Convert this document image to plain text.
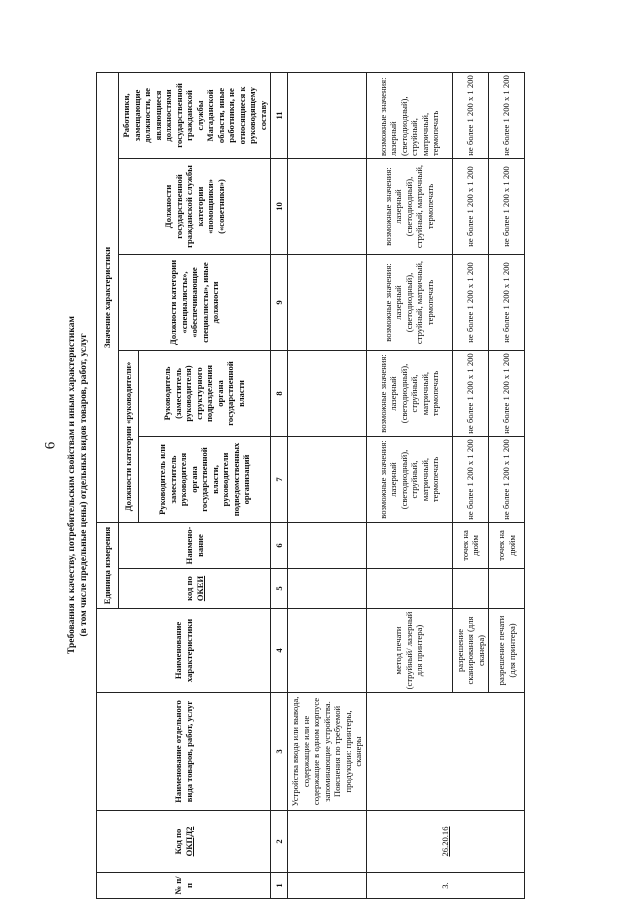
6 Требования к качеству, потребительским свойствам и иным характеристикам (в том числе предельные цены) отдельных видов товаров, работ, услуг
№ п/п	Код по ОКПД2	Наименование отдельного вида товаров, работ, услуг	Наименование характеристики	Единица измерения		Значение характеристики				
				код по ОКЕИ	Наимено-вание	Должности категории «руководители»		Должности категории «специалисты», «обеспечивающие специалисты», иные должности	Должности государственной гражданской службы категории «помощники» («советники»)	Работники, замещающие должности, не являющиеся должностями государственной гражданской службы Магаданской области, иные работники, не относящиеся к руководящему составу
						Руководитель или заместитель руководителя органа государственной власти, руководители подведомственных организаций	Руководитель (заместитель руководителя) структурного подразделения органа государственной власти			
1	2	3	4	5	6	7	8	9	10	11
		Устройства ввода или вывода, содержащие или не содержащие в одном корпусе запоминающие устройства. Пояснения по требуемой продукции: принтеры, сканеры								
3.	26.20.16		метод печати (струйный/ лазерный для принтера)			возможные значения: лазерный (светодиодный), струйный, матричный, термопечать	возможные значения: лазерный (светодиодный), струйный, матричный, термопечать	возможные значения: лазерный (светодиодный), струйный, матричный, термопечать	возможные значения: лазерный (светодиодный), струйный, матричный, термопечать	возможные значения: лазерный (светодиодный), струйный, матричный, термопечать
			разрешение сканирования (для сканера)		точек на дюйм	не более 1 200 x 1 200	не более 1 200 x 1 200	не более 1 200 x 1 200	не более 1 200 x 1 200	не более 1 200 x 1 200
			разрешение печати (для принтера)		точек на дюйм	не более 1 200 x 1 200	не более 1 200 x 1 200	не более 1 200 x 1 200	не более 1 200 x 1 200	не более 1 200 x 1 200
